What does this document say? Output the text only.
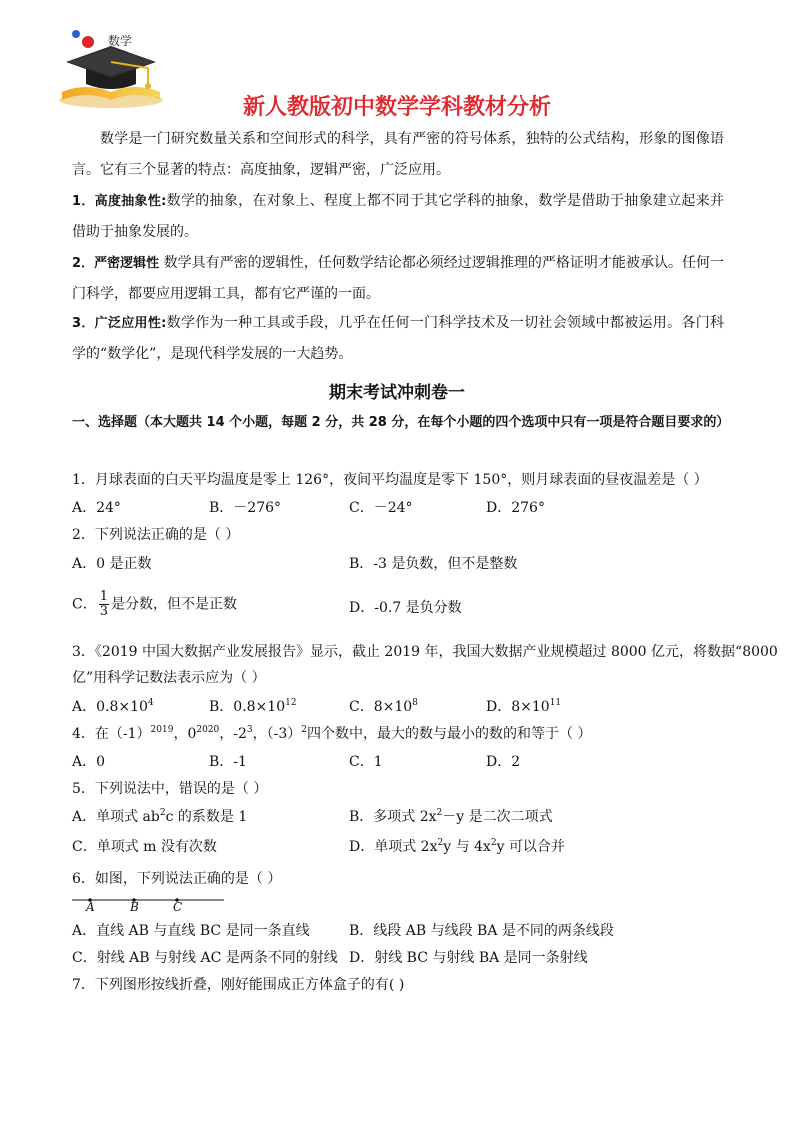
数学
新人教版初中数学学科教材分析

数学是一门研究数量关系和空间形式的科学，具有严密的符号体系，独特的公式结构，形象的图像语言。它有三个显著的特点：高度抽象，逻辑严密，广泛应用。

1．高度抽象性:数学的抽象，在对象上、程度上都不同于其它学科的抽象，数学是借助于抽象建立起来并借助于抽象发展的。

2．严密逻辑性 数学具有严密的逻辑性，任何数学结论都必须经过逻辑推理的严格证明才能被承认。任何一门科学，都要应用逻辑工具，都有它严谨的一面。

3．广泛应用性:数学作为一种工具或手段，几乎在任何一门科学技术及一切社会领域中都被运用。各门科学的“数学化”，是现代科学发展的一大趋势。

期末考试冲刺卷一
一、选择题（本大题共 14 个小题，每题 2 分，共 28 分，在每个小题的四个选项中只有一项是符合题目要求的）
1．月球表面的白天平均温度是零上 126°，夜间平均温度是零下 150°，则月球表面的昼夜温差是（ ）
A．24°	B．－276°	C．－24°	D．276°
2．下列说法正确的是（ ）
A．0 是正数	B．-3 是负数，但不是整数
C． $\frac{1}{3}$ 是分数，但不是正数	D．-0.7 是负分数
3．《2019 中国大数据产业发展报告》显示，截止 2019 年，我国大数据产业规模超过 8000 亿元，将数据“8000
亿”用科学记数法表示应为（ ）
A．$0.8\times 10^4$	B．$0.8\times 10^{12}$	C．$8\times 10^8$	D．$8\times 10^{11}$
4．在$(-1)^{2019}$，$0^{2020}$，$-2^3$，$(-3)^2$四个数中，最大的数与最小的数的和等于（ ）
A．0	B．-1	C．1	D．2
5．下列说法中，错误的是（ ）
A．单项式 $ab^2c$ 的系数是 1	B．多项式 $2x^2-y$ 是二次二项式
C．单项式 m 没有次数	D．单项式 $2x^2y$ 与 $4x^2y$ 可以合并
6．如图，下列说法正确的是（ ）
A	B	C
A．直线 AB 与直线 BC 是同一条直线	B．线段 AB 与线段 BA 是不同的两条线段
C．射线 AB 与射线 AC 是两条不同的射线 D．射线 BC 与射线 BA 是同一条射线
7．下列图形按线折叠，刚好能围成正方体盒子的有( )
